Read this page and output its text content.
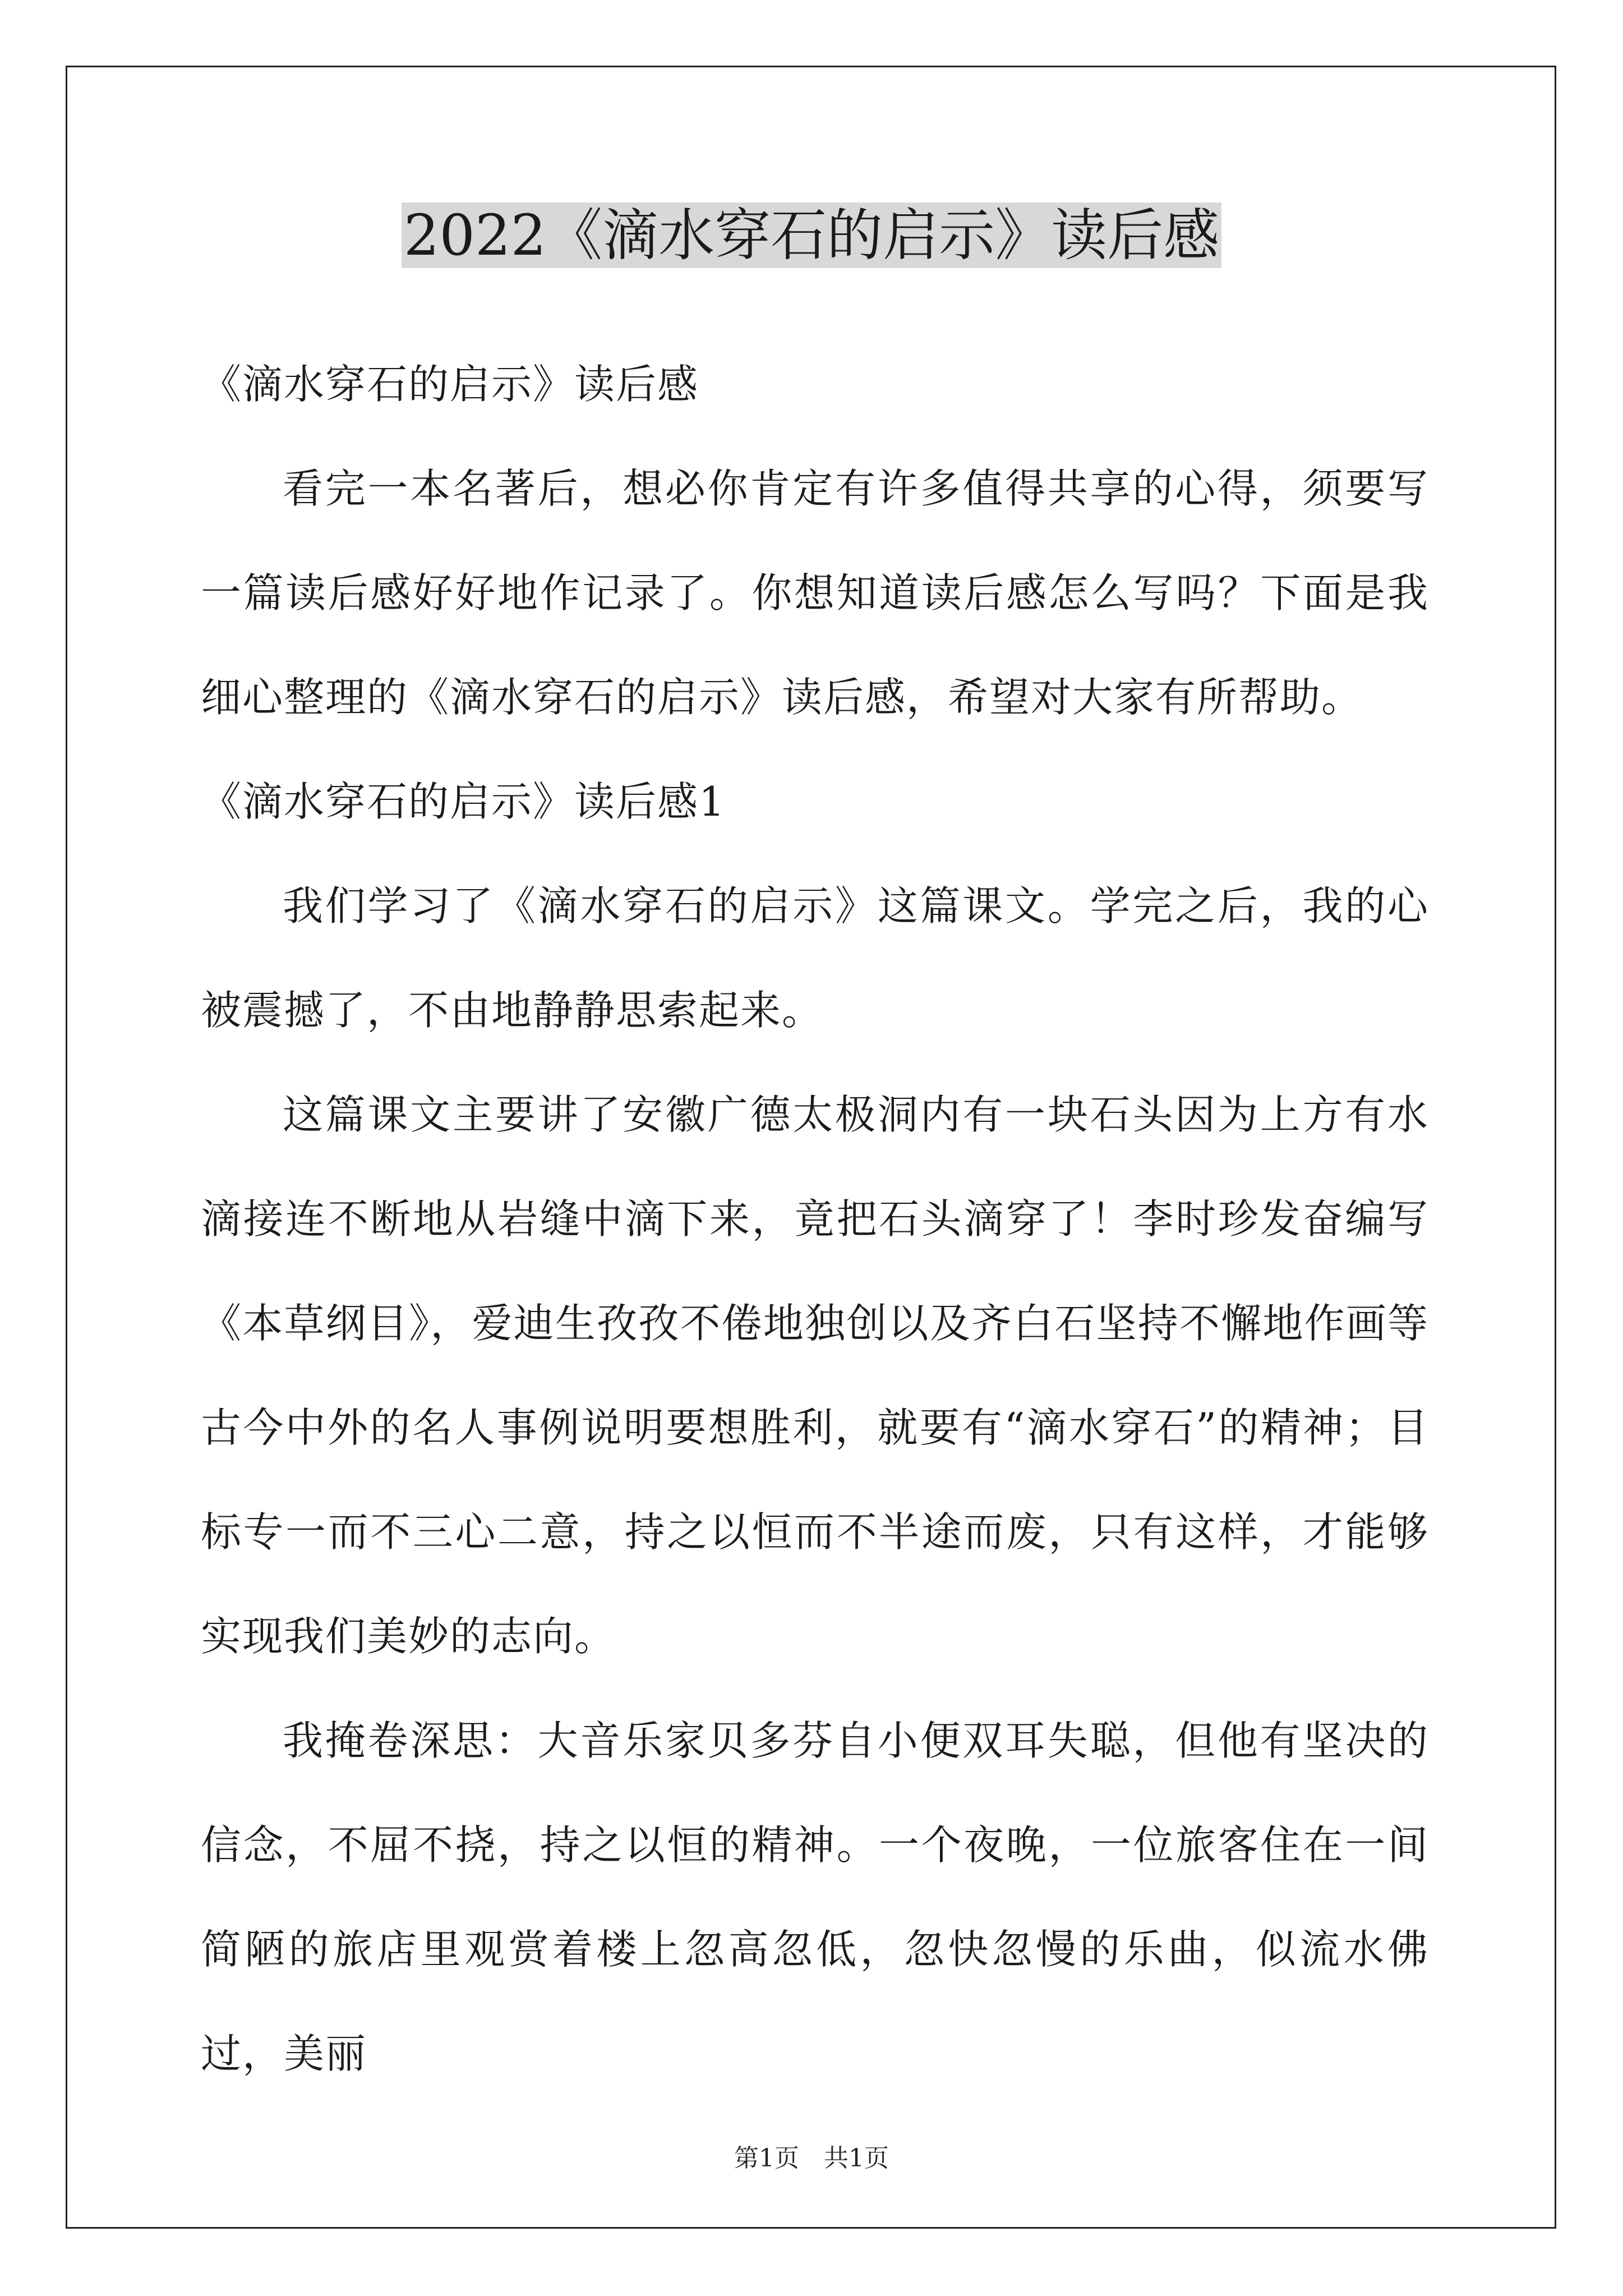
2022《滴水穿石的启示》读后感

《滴水穿石的启示》读后感

看完一本名著后，想必你肯定有许多值得共享的心得，须要写一篇读后感好好地作记录了。你想知道读后感怎么写吗？下面是我细心整理的《滴水穿石的启示》读后感，希望对大家有所帮助。

《滴水穿石的启示》读后感1

我们学习了《滴水穿石的启示》这篇课文。学完之后，我的心被震撼了，不由地静静思索起来。

这篇课文主要讲了安徽广德太极洞内有一块石头因为上方有水滴接连不断地从岩缝中滴下来，竟把石头滴穿了！李时珍发奋编写《本草纲目》，爱迪生孜孜不倦地独创以及齐白石坚持不懈地作画等古今中外的名人事例说明要想胜利，就要有“滴水穿石”的精神；目标专一而不三心二意，持之以恒而不半途而废，只有这样，才能够实现我们美妙的志向。

我掩卷深思：大音乐家贝多芬自小便双耳失聪，但他有坚决的信念，不屈不挠，持之以恒的精神。一个夜晚，一位旅客住在一间简陋的旅店里观赏着楼上忽高忽低，忽快忽慢的乐曲，似流水佛过，美丽

第1页 共1页
